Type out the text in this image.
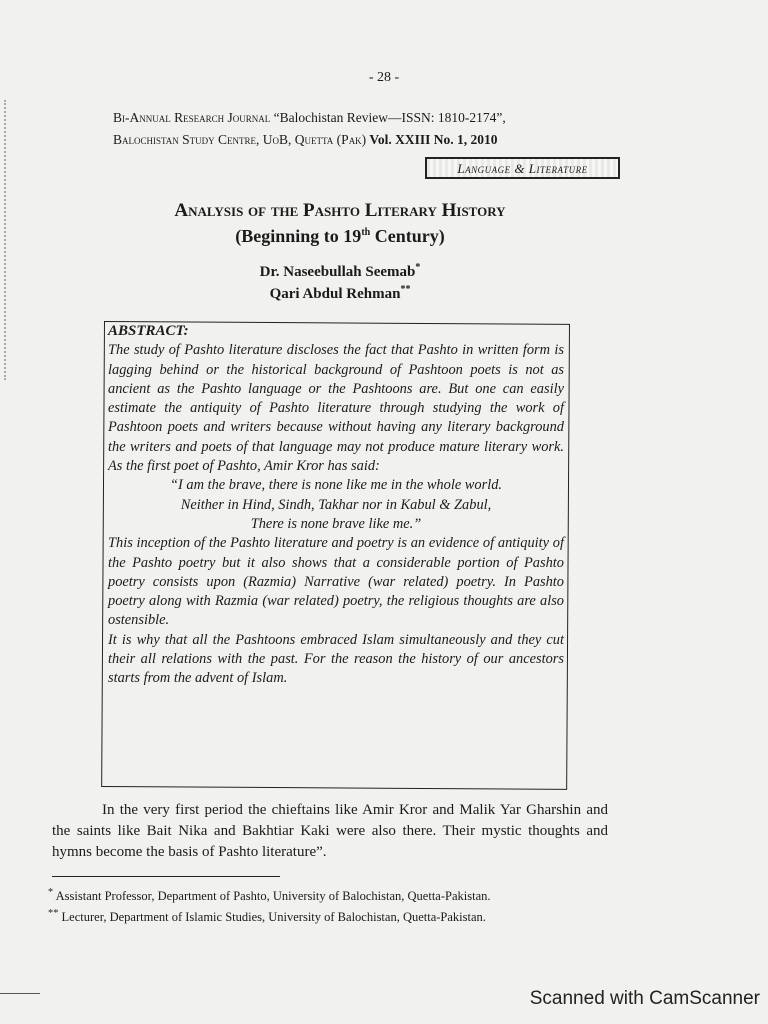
- 28 -
Bi-Annual Research Journal “Balochistan Review—ISSN: 1810-2174”,
Balochistan Study Centre, UoB, Quetta (Pak) Vol. XXIII No. 1, 2010
Language & Literature
Analysis of the Pashto Literary History
(Beginning to 19th Century)
Dr. Naseebullah Seemab*
Qari Abdul Rehman**
ABSTRACT:

The study of Pashto literature discloses the fact that Pashto in written form is lagging behind or the historical background of Pashtoon poets is not as ancient as the Pashto language or the Pashtoons are. But one can easily estimate the antiquity of Pashto literature through studying the work of Pashtoon poets and writers because without having any literary background the writers and poets of that language may not produce mature literary work. As the first poet of Pashto, Amir Kror has said:

“I am the brave, there is none like me in the whole world.

Neither in Hind, Sindh, Takhar nor in Kabul & Zabul,

There is none brave like me.”

This inception of the Pashto literature and poetry is an evidence of antiquity of the Pashto poetry but it also shows that a considerable portion of Pashto poetry consists upon (Razmia) Narrative (war related) poetry. In Pashto poetry along with Razmia (war related) poetry, the religious thoughts are also ostensible.

It is why that all the Pashtoons embraced Islam simultaneously and they cut their all relations with the past. For the reason the history of our ancestors starts from the advent of Islam.

In the very first period the chieftains like Amir Kror and Malik Yar Gharshin and the saints like Bait Nika and Bakhtiar Kaki were also there. Their mystic thoughts and hymns become the basis of Pashto literature”.

* Assistant Professor, Department of Pashto, University of Balochistan, Quetta-Pakistan.
** Lecturer, Department of Islamic Studies, University of Balochistan, Quetta-Pakistan.
Scanned with CamScanner
